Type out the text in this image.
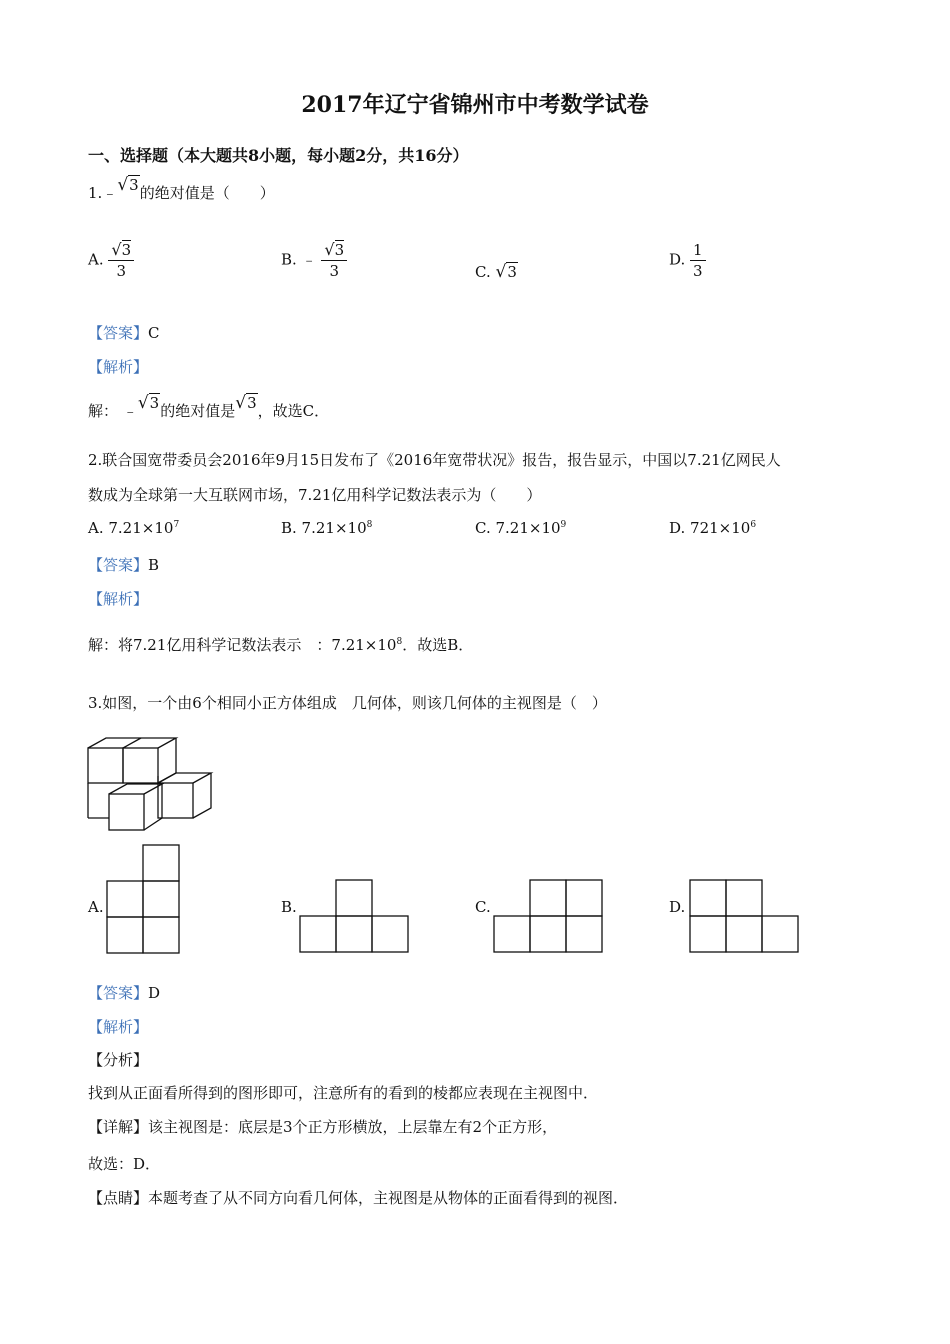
2017年辽宁省锦州市中考数学试卷
一、选择题（本大题共8小题，每小题2分，共16分）
1.﹣√3的绝对值是（　　）
A. $\frac{√3}{3}$	B. ﹣ $\frac{√3}{3}$	C. √3
D. $\frac{1}{3}$
【答案】C
【解析】
解： ﹣√3的绝对值是√3，故选C．
2.联合国宽带委员会2016年9月15日发布了《2016年宽带状况》报告，报告显示，中国以7.21亿网民人
数成为全球第一大互联网市场，7.21亿用科学记数法表示为（　　）
A. $7.21\times 10^7$	B. $7.21\times 10^8$	C. $7.21\times 10^9$	D. $721\times 10^6$
【答案】B
【解析】
解：将7.21亿用科学记数法表示　：$7.21\times 10^8$．故选B．
3.如图，一个由6个相同小正方体组成　几何体，则该几何体的主视图是（　）
A.	B.	C.	D.
【答案】D
【解析】
【分析】
找到从正面看所得到的图形即可，注意所有的看到的棱都应表现在主视图中．
【详解】该主视图是：底层是3个正方形横放，上层靠左有2个正方形，
故选：D．
【点睛】本题考查了从不同方向看几何体，主视图是从物体的正面看得到的视图．
